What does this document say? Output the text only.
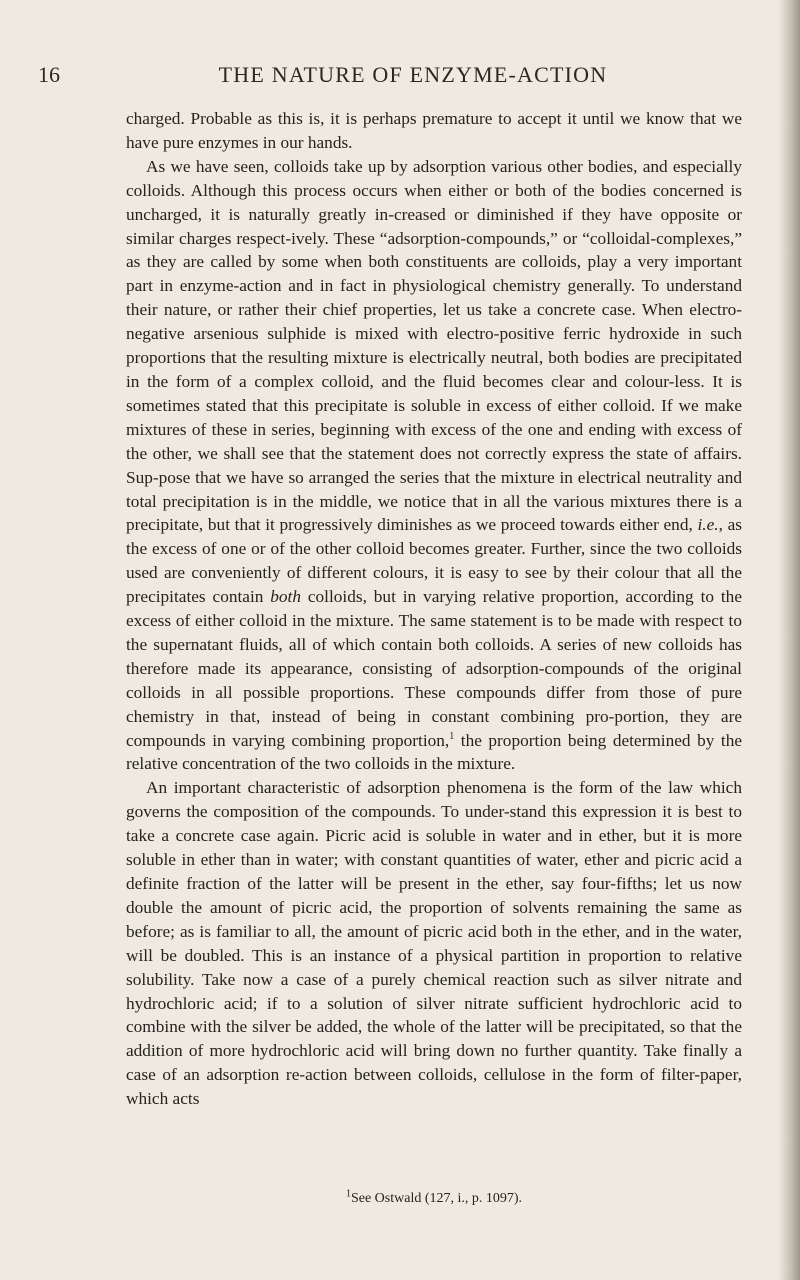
16	THE NATURE OF ENZYME-ACTION

charged. Probable as this is, it is perhaps premature to accept it until we know that we have pure enzymes in our hands.

As we have seen, colloids take up by adsorption various other bodies, and especially colloids. Although this process occurs when either or both of the bodies concerned is uncharged, it is naturally greatly in-creased or diminished if they have opposite or similar charges respect-ively. These “adsorption-compounds,” or “colloidal-complexes,” as they are called by some when both constituents are colloids, play a very important part in enzyme-action and in fact in physiological chemistry generally. To understand their nature, or rather their chief properties, let us take a concrete case. When electro-negative arsenious sulphide is mixed with electro-positive ferric hydroxide in such proportions that the resulting mixture is electrically neutral, both bodies are precipitated in the form of a complex colloid, and the fluid becomes clear and colour-less. It is sometimes stated that this precipitate is soluble in excess of either colloid. If we make mixtures of these in series, beginning with excess of the one and ending with excess of the other, we shall see that the statement does not correctly express the state of affairs. Sup-pose that we have so arranged the series that the mixture in electrical neutrality and total precipitation is in the middle, we notice that in all the various mixtures there is a precipitate, but that it progressively diminishes as we proceed towards either end, i.e., as the excess of one or of the other colloid becomes greater. Further, since the two colloids used are conveniently of different colours, it is easy to see by their colour that all the precipitates contain both colloids, but in varying relative proportion, according to the excess of either colloid in the mixture. The same statement is to be made with respect to the supernatant fluids, all of which contain both colloids. A series of new colloids has therefore made its appearance, consisting of adsorption-compounds of the original colloids in all possible proportions. These compounds differ from those of pure chemistry in that, instead of being in constant combining pro-portion, they are compounds in varying combining proportion,$^1$ the proportion being determined by the relative concentration of the two colloids in the mixture.

An important characteristic of adsorption phenomena is the form of the law which governs the composition of the compounds. To under-stand this expression it is best to take a concrete case again. Picric acid is soluble in water and in ether, but it is more soluble in ether than in water; with constant quantities of water, ether and picric acid a definite fraction of the latter will be present in the ether, say four-fifths; let us now double the amount of picric acid, the proportion of solvents remaining the same as before; as is familiar to all, the amount of picric acid both in the ether, and in the water, will be doubled. This is an instance of a physical partition in proportion to relative solubility. Take now a case of a purely chemical reaction such as silver nitrate and hydrochloric acid; if to a solution of silver nitrate sufficient hydrochloric acid to combine with the silver be added, the whole of the latter will be precipitated, so that the addition of more hydrochloric acid will bring down no further quantity. Take finally a case of an adsorption re-action between colloids, cellulose in the form of filter-paper, which acts

$^1$See Ostwald (127, i., p. 1097).
